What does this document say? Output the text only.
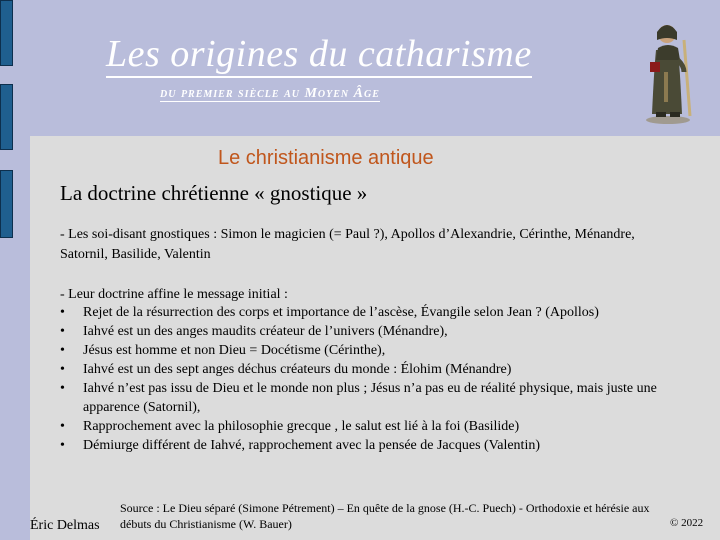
Les origines du catharisme
du premier siècle au Moyen Âge
Le christianisme antique
La doctrine chrétienne « gnostique »
- Les soi-disant gnostiques : Simon le magicien (= Paul ?), Apollos d’Alexandrie, Cérinthe, Ménandre, Satornil, Basilide, Valentin
- Leur doctrine affine le message initial :
• Rejet de la résurrection des corps et importance de l’ascèse, Évangile selon Jean ? (Apollos)
• Iahvé est un des anges maudits créateur de l’univers (Ménandre),
• Jésus est homme et non Dieu = Docétisme (Cérinthe),
• Iahvé est un des sept anges déchus créateurs du monde : Élohim (Ménandre)
• Iahvé n’est pas issu de Dieu et le monde non plus ; Jésus n’a pas eu de réalité physique, mais juste une apparence (Satornil),
• Rapprochement avec la philosophie grecque , le salut est lié à la foi (Basilide)
• Démiurge différent de Iahvé, rapprochement avec la pensée de Jacques (Valentin)
Source : Le Dieu séparé (Simone Pétrement) – En quête de la gnose (H.-C. Puech) - Orthodoxie et hérésie aux débuts du Christianisme (W. Bauer)
Éric Delmas	© 2022
